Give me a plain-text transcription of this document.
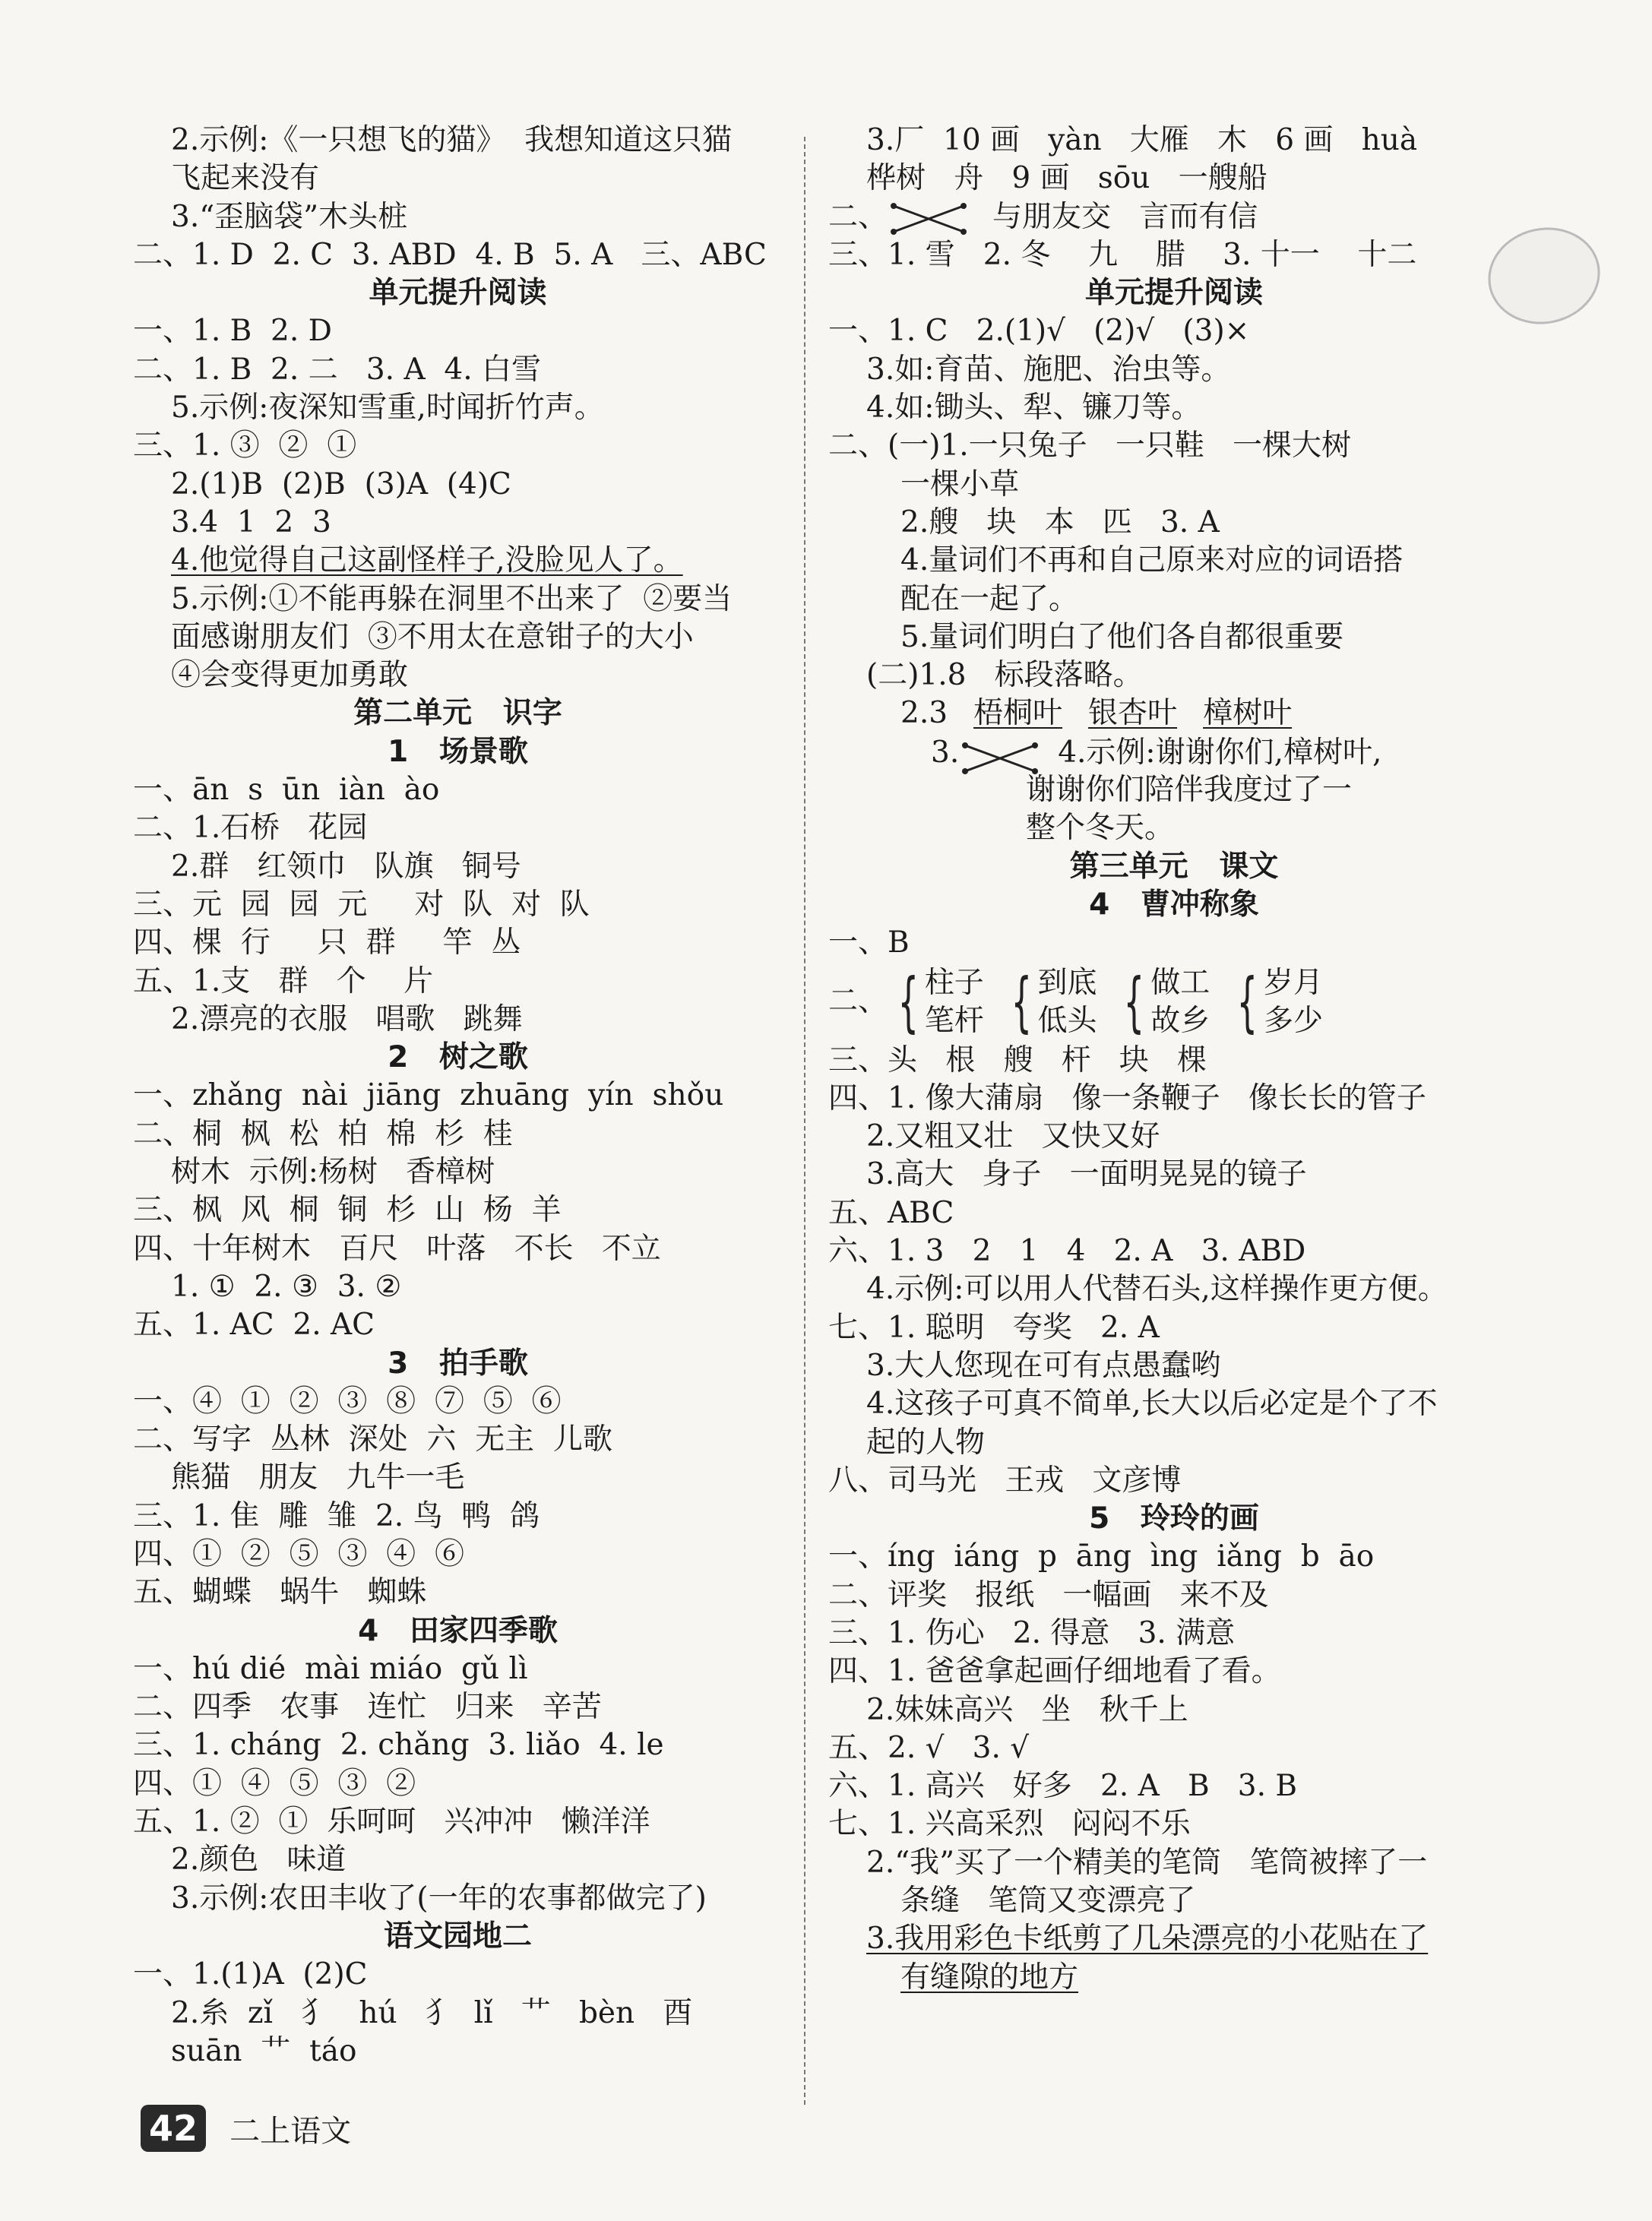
2.示例:《一只想飞的猫》  我想知道这只猫
飞起来没有
3.“歪脑袋”木头桩
二、1. D  2. C  3. ABD  4. B  5. A   三、ABC
单元提升阅读
一、1. B  2. D
二、1. B  2. 二   3. A  4. 白雪
5.示例:夜深知雪重,时闻折竹声。
三、1. ③  ②  ①
2.(1)B  (2)B  (3)A  (4)C
3.4  1  2  3
4.他觉得自己这副怪样子,没脸见人了。
5.示例:①不能再躲在洞里不出来了  ②要当
面感谢朋友们  ③不用太在意钳子的大小
④会变得更加勇敢
第二单元   识字
1   场景歌
一、ān  s  ūn  iàn  ào
二、1.石桥   花园
2.群   红领巾   队旗   铜号
三、元  园  园  元     对  队  对  队
四、棵  行     只  群     竿  丛
五、1.支   群   个    片
2.漂亮的衣服   唱歌   跳舞
2   树之歌
一、zhǎng  nài  jiāng  zhuāng  yín  shǒu
二、桐  枫  松  柏  棉  杉  桂
树木  示例:杨树   香樟树
三、枫  风  桐  铜  杉  山  杨  羊
四、十年树木   百尺   叶落   不长   不立
1. ①  2. ③  3. ②
五、1. AC  2. AC
3   拍手歌
一、④  ①  ②  ③  ⑧  ⑦  ⑤  ⑥
二、写字  丛林  深处  六  无主  儿歌
熊猫   朋友   九牛一毛
三、1. 隹  雕  雏  2. 鸟  鸭  鸽
四、①  ②  ⑤  ③  ④  ⑥
五、蝴蝶   蜗牛   蜘蛛
4   田家四季歌
一、hú dié  mài miáo  gǔ lì
二、四季   农事   连忙   归来   辛苦
三、1. cháng  2. chǎng  3. liǎo  4. le
四、①  ④  ⑤  ③  ②
五、1. ②  ①  乐呵呵   兴冲冲   懒洋洋
2.颜色   味道
3.示例:农田丰收了(一年的农事都做完了)
语文园地二
一、1.(1)A  (2)C
2.糸  zǐ   犭   hú   犭  lǐ   艹   bèn   酉
suān  艹  táo
3.厂  10 画   yàn   大雁   木   6 画   huà
桦树   舟   9 画   sōu   一艘船
二、	与朋友交   言而有信
三、1. 雪   2. 冬    九    腊    3. 十一    十二
单元提升阅读
一、1. C   2.(1)√   (2)√   (3)×
3.如:育苗、施肥、治虫等。
4.如:锄头、犁、镰刀等。
二、(一)1.一只兔子   一只鞋   一棵大树
一棵小草
2.艘   块   本   匹   3. A
4.量词们不再和自己原来对应的词语搭
配在一起了。
5.量词们明白了他们各自都很重要
(二)1.8   标段落略。
2.3 梧桐叶 银杏叶 樟树叶
3.	4.示例:谢谢你们,樟树叶,
谢谢你们陪伴我度过了一
整个冬天。
第三单元   课文
4   曹冲称象
一、B
二、 { 柱子
笔杆 { 到底
低头 { 做工
故乡 { 岁月
多少
三、头   根   艘   杆   块   棵
四、1. 像大蒲扇   像一条鞭子   像长长的管子
2.又粗又壮   又快又好
3.高大   身子   一面明晃晃的镜子
五、ABC
六、1. 3   2   1   4   2. A   3. ABD
4.示例:可以用人代替石头,这样操作更方便。
七、1. 聪明   夸奖   2. A
3.大人您现在可有点愚蠢哟
4.这孩子可真不简单,长大以后必定是个了不
起的人物
八、司马光   王戎   文彦博
5   玲玲的画
一、íng  iáng  p  āng  ìng  iǎng  b  āo
二、评奖   报纸   一幅画   来不及
三、1. 伤心   2. 得意   3. 满意
四、1. 爸爸拿起画仔细地看了看。
2.妹妹高兴   坐   秋千上
五、2. √   3. √
六、1. 高兴   好多   2. A   B   3. B
七、1. 兴高采烈   闷闷不乐
2.“我”买了一个精美的笔筒   笔筒被摔了一
条缝   笔筒又变漂亮了
3.我用彩色卡纸剪了几朵漂亮的小花贴在了
有缝隙的地方

42 二上语文
